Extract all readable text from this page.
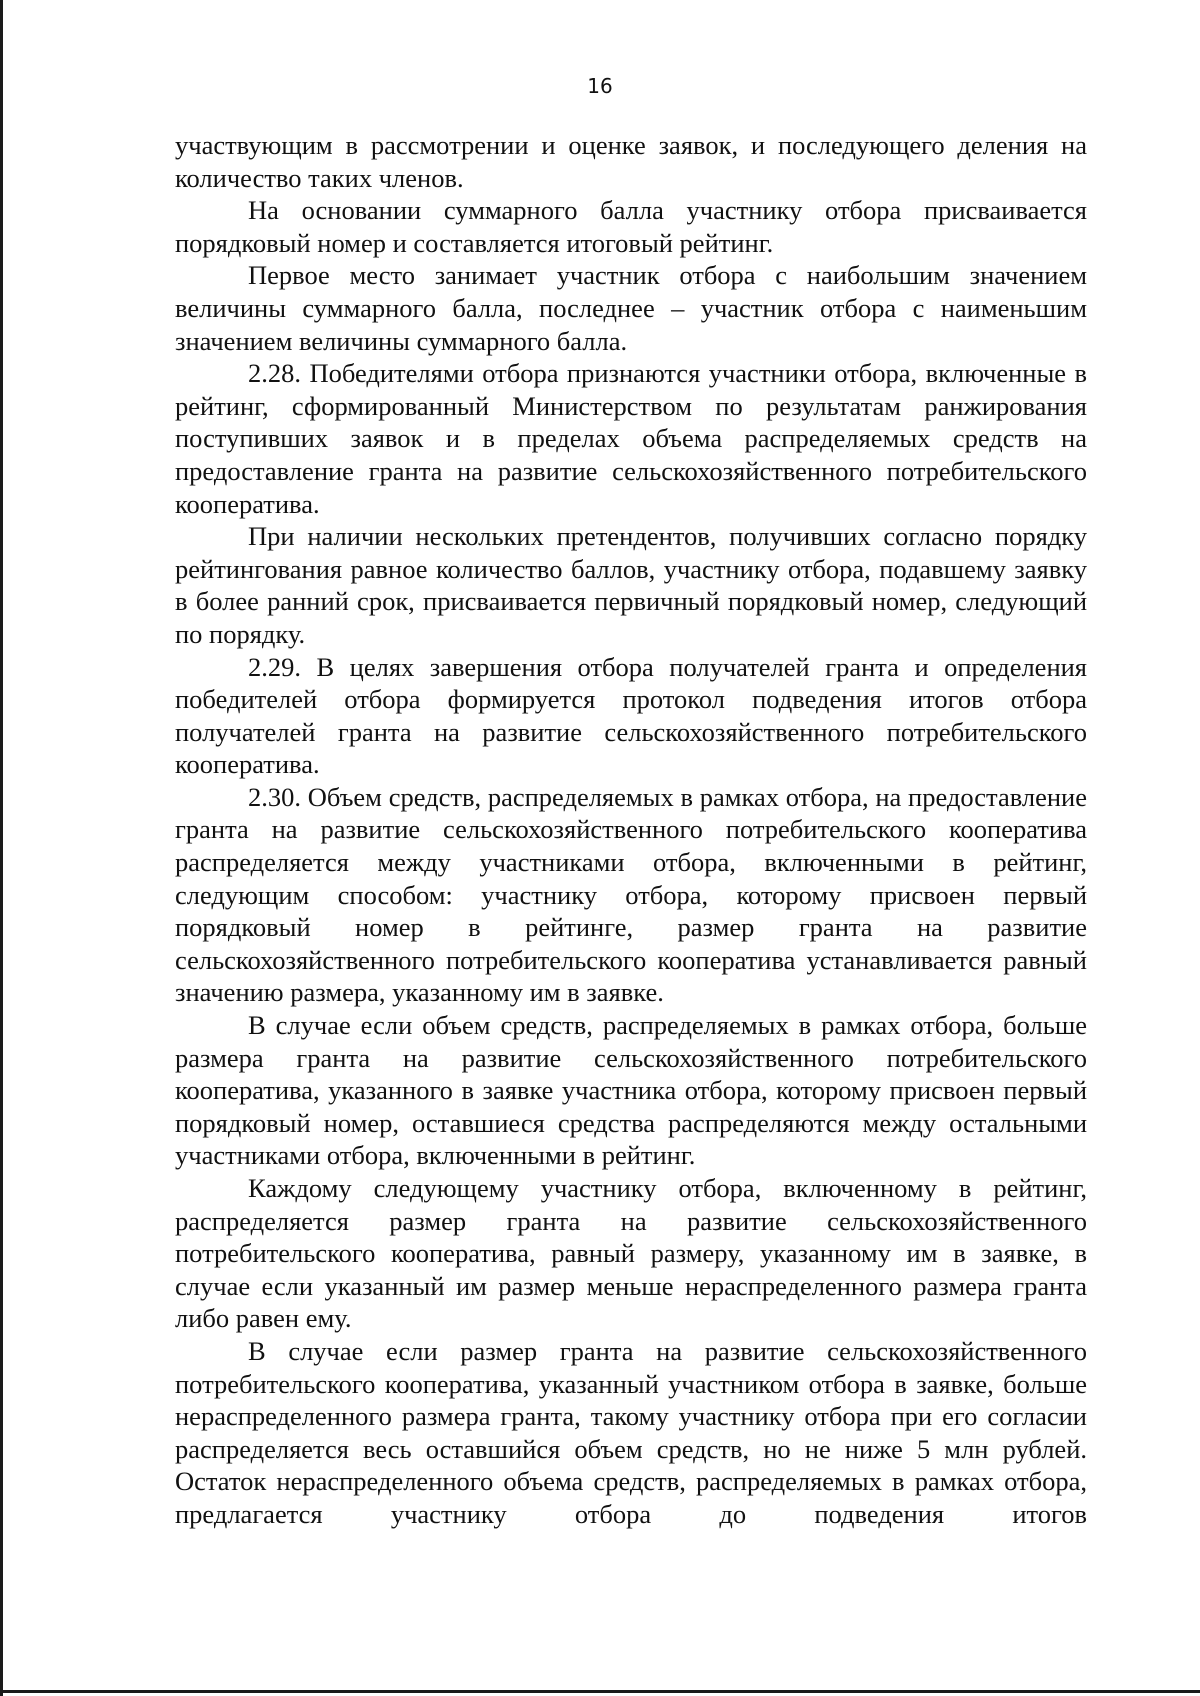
16

участвующим в рассмотрении и оценке заявок, и последующего деления на количество таких членов.

На основании суммарного балла участнику отбора присваивается порядковый номер и составляется итоговый рейтинг.

Первое место занимает участник отбора с наибольшим значением величины суммарного балла, последнее – участник отбора с наименьшим значением величины суммарного балла.

2.28. Победителями отбора признаются участники отбора, включенные в рейтинг, сформированный Министерством по результатам ранжирования поступивших заявок и в пределах объема распределяемых средств на предоставление гранта на развитие сельскохозяйственного потребительского кооператива.

При наличии нескольких претендентов, получивших согласно порядку рейтингования равное количество баллов, участнику отбора, подавшему заявку в более ранний срок, присваивается первичный порядковый номер, следующий по порядку.

2.29. В целях завершения отбора получателей гранта и определения победителей отбора формируется протокол подведения итогов отбора получателей гранта на развитие сельскохозяйственного потребительского кооператива.

2.30. Объем средств, распределяемых в рамках отбора, на предоставление гранта на развитие сельскохозяйственного потребительского кооператива распределяется между участниками отбора, включенными в рейтинг, следующим способом: участнику отбора, которому присвоен первый порядковый номер в рейтинге, размер гранта на развитие сельскохозяйственного потребительского кооператива устанавливается равный значению размера, указанному им в заявке.

В случае если объем средств, распределяемых в рамках отбора, больше размера гранта на развитие сельскохозяйственного потребительского кооператива, указанного в заявке участника отбора, которому присвоен первый порядковый номер, оставшиеся средства распределяются между остальными участниками отбора, включенными в рейтинг.

Каждому следующему участнику отбора, включенному в рейтинг, распределяется размер гранта на развитие сельскохозяйственного потребительского кооператива, равный размеру, указанному им в заявке, в случае если указанный им размер меньше нераспределенного размера гранта либо равен ему.

В случае если размер гранта на развитие сельскохозяйственного потребительского кооператива, указанный участником отбора в заявке, больше нераспределенного размера гранта, такому участнику отбора при его согласии распределяется весь оставшийся объем средств, но не ниже 5 млн рублей. Остаток нераспределенного объема средств, распределяемых в рамках отбора, предлагается участнику отбора до подведения итогов
